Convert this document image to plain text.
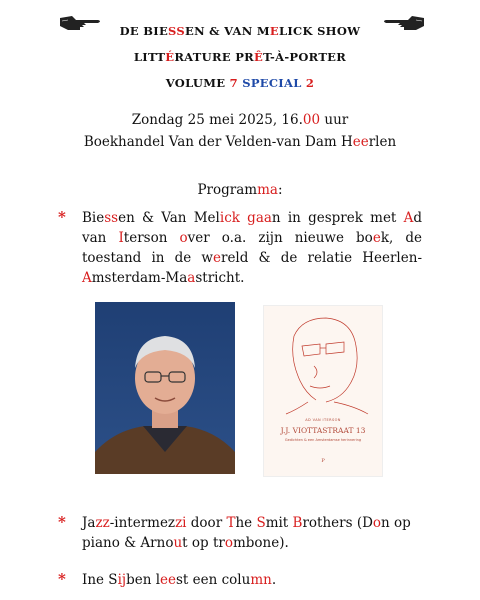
DE BIESSEN & VAN MELICK SHOW
LITTÉRATURE PRÊT-À-PORTER
VOLUME 7 SPECIAL 2
Zondag 25 mei 2025, 16.00 uur
Boekhandel Van der Velden-van Dam Heerlen
Programma:
* Biessen & Van Melick gaan in gesprek met Ad van Iterson over o.a. zijn nieuwe boek, de toestand in de wereld & de relatie Heerlen-Amsterdam-Maastricht.
AD VAN ITERSON
J.J. VIOTTASTRAAT 13
Gedichten & een Amsterdamse herinnering
P
* Jazz-intermezzi door The Smit Brothers (Don op piano & Arnout op trombone).
* Ine Sijben leest een column.
